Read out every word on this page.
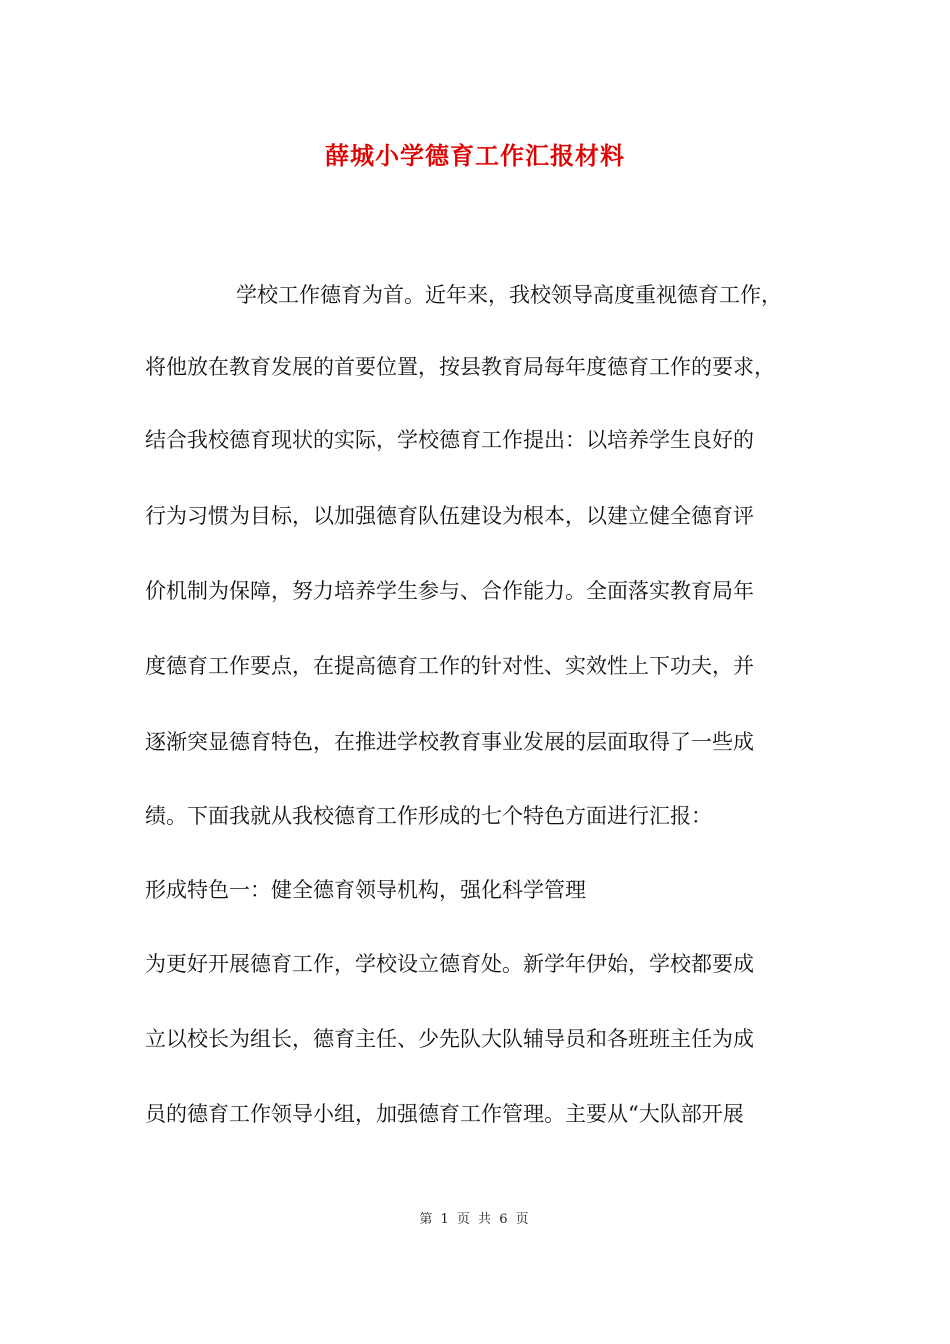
薛城小学德育工作汇报材料

学校工作德育为首。近年来，我校领导高度重视德育工作，

将他放在教育发展的首要位置，按县教育局每年度德育工作的要求，

结合我校德育现状的实际，学校德育工作提出：以培养学生良好的

行为习惯为目标，以加强德育队伍建设为根本，以建立健全德育评

价机制为保障，努力培养学生参与、合作能力。全面落实教育局年

度德育工作要点，在提高德育工作的针对性、实效性上下功夫，并

逐渐突显德育特色，在推进学校教育事业发展的层面取得了一些成

绩。下面我就从我校德育工作形成的七个特色方面进行汇报：

形成特色一：健全德育领导机构，强化科学管理

为更好开展德育工作，学校设立德育处。新学年伊始，学校都要成

立以校长为组长，德育主任、少先队大队辅导员和各班班主任为成

员的德育工作领导小组，加强德育工作管理。主要从“大队部开展

第 1 页 共 6 页
